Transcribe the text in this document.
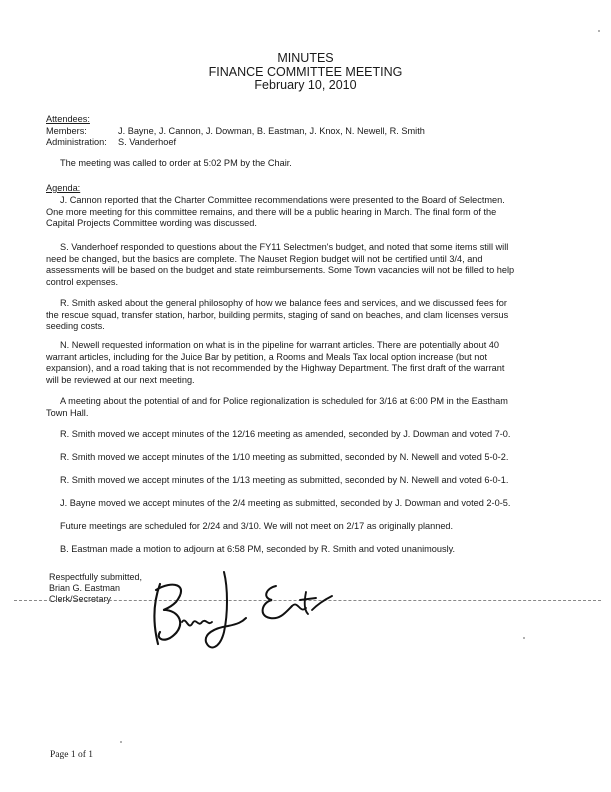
MINUTES
FINANCE COMMITTEE MEETING
February 10, 2010
Attendees:
Members:	J. Bayne, J. Cannon, J. Dowman, B. Eastman, J. Knox, N. Newell, R. Smith
Administration:	S. Vanderhoef
The meeting was called to order at 5:02 PM by the Chair.
Agenda:
J. Cannon reported that the Charter Committee recommendations were presented to the Board of Selectmen.
One more meeting for this committee remains, and there will be a public hearing in March. The final form of the
Capital Projects Committee wording was discussed.
S. Vanderhoef responded to questions about the FY11 Selectmen's budget, and noted that some items still will
need be changed, but the basics are complete. The Nauset Region budget will not be certified until 3/4, and
assessments will be based on the budget and state reimbursements. Some Town vacancies will not be filled to help
control expenses.
R. Smith asked about the general philosophy of how we balance fees and services, and we discussed fees for
the rescue squad, transfer station, harbor, building permits, staging of sand on beaches, and clam licenses versus
seeding costs.
N. Newell requested information on what is in the pipeline for warrant articles. There are potentially about 40
warrant articles, including for the Juice Bar by petition, a Rooms and Meals Tax local option increase (but not
expansion), and a road taking that is not recommended by the Highway Department. The first draft of the warrant
will be reviewed at our next meeting.
A meeting about the potential of and for Police regionalization is scheduled for 3/16 at 6:00 PM in the Eastham
Town Hall.
R. Smith moved we accept minutes of the 12/16 meeting as amended, seconded by J. Dowman and voted 7-0.
R. Smith moved we accept minutes of the 1/10 meeting as submitted, seconded by N. Newell and voted 5-0-2.
R. Smith moved we accept minutes of the 1/13 meeting as submitted, seconded by N. Newell and voted 6-0-1.
J. Bayne moved we accept minutes of the 2/4 meeting as submitted, seconded by J. Dowman and voted 2-0-5.
Future meetings are scheduled for 2/24 and 3/10. We will not meet on 2/17 as originally planned.
B. Eastman made a motion to adjourn at 6:58 PM, seconded by R. Smith and voted unanimously.
Respectfully submitted,
Brian G. Eastman
Clerk/Secretary
Page 1 of 1
